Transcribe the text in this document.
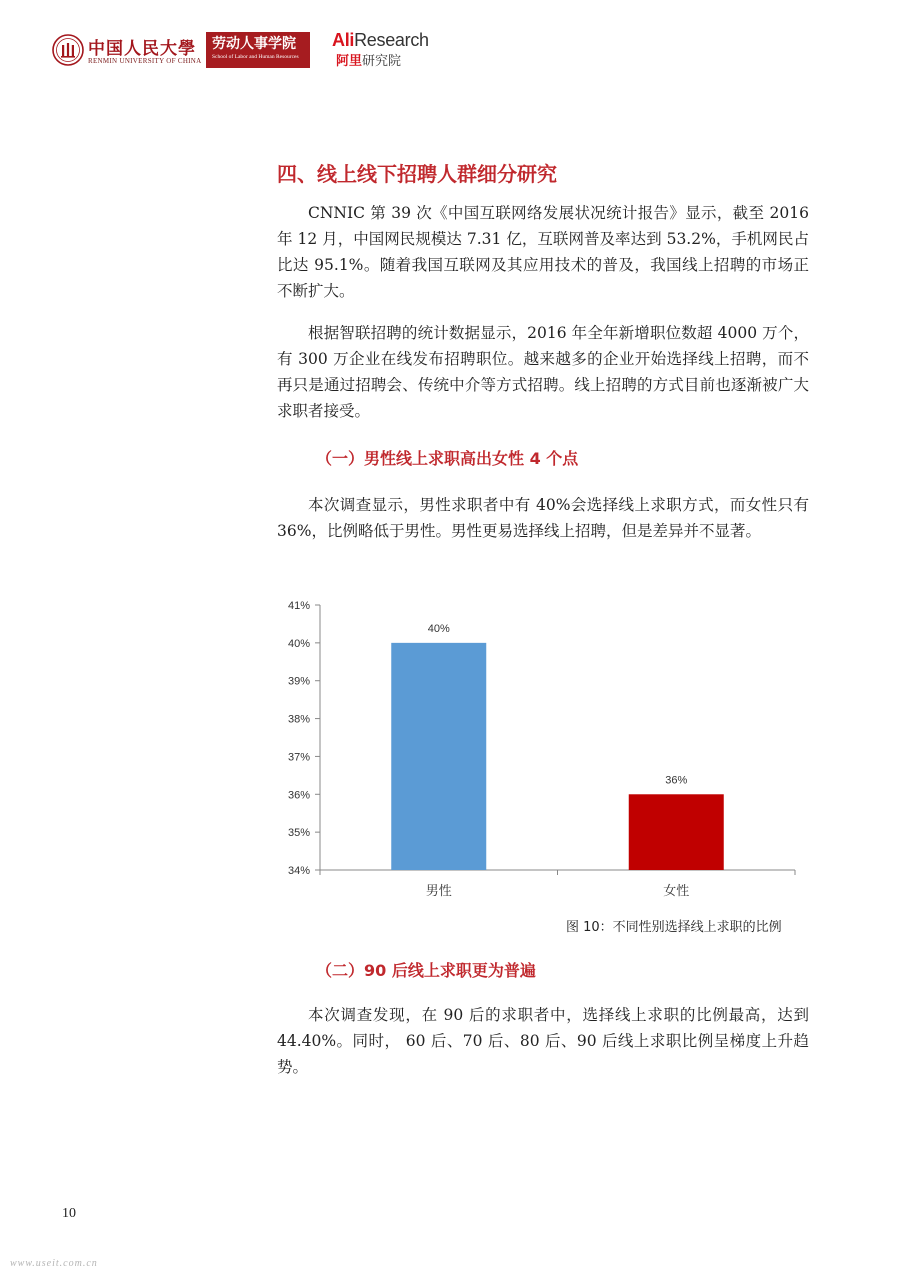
中国人民大學
RENMIN UNIVERSITY OF CHINA
劳动人事学院
School of Labor and Human Resources
AliResearch
阿里研究院
四、线上线下招聘人群细分研究

CNNIC 第 39 次《中国互联网络发展状况统计报告》显示，截至 2016 年 12 月，中国网民规模达 7.31 亿，互联网普及率达到 53.2%，手机网民占比达 95.1%。随着我国互联网及其应用技术的普及，我国线上招聘的市场正不断扩大。

根据智联招聘的统计数据显示，2016 年全年新增职位数超 4000 万个，有 300 万企业在线发布招聘职位。越来越多的企业开始选择线上招聘，而不再只是通过招聘会、传统中介等方式招聘。线上招聘的方式目前也逐渐被广大求职者接受。

（一）男性线上求职高出女性 4 个点

本次调查显示，男性求职者中有 40%会选择线上求职方式，而女性只有 36%，比例略低于男性。男性更易选择线上招聘，但是差异并不显著。

34%
35%
36%
37%
38%
39%
40%
41%
40%
男性
36%
女性
图 10：不同性别选择线上求职的比例
（二）90 后线上求职更为普遍

本次调查发现，在 90 后的求职者中，选择线上求职的比例最高，达到 44.40%。同时， 60 后、70 后、80 后、90 后线上求职比例呈梯度上升趋势。

10
www.useit.com.cn
